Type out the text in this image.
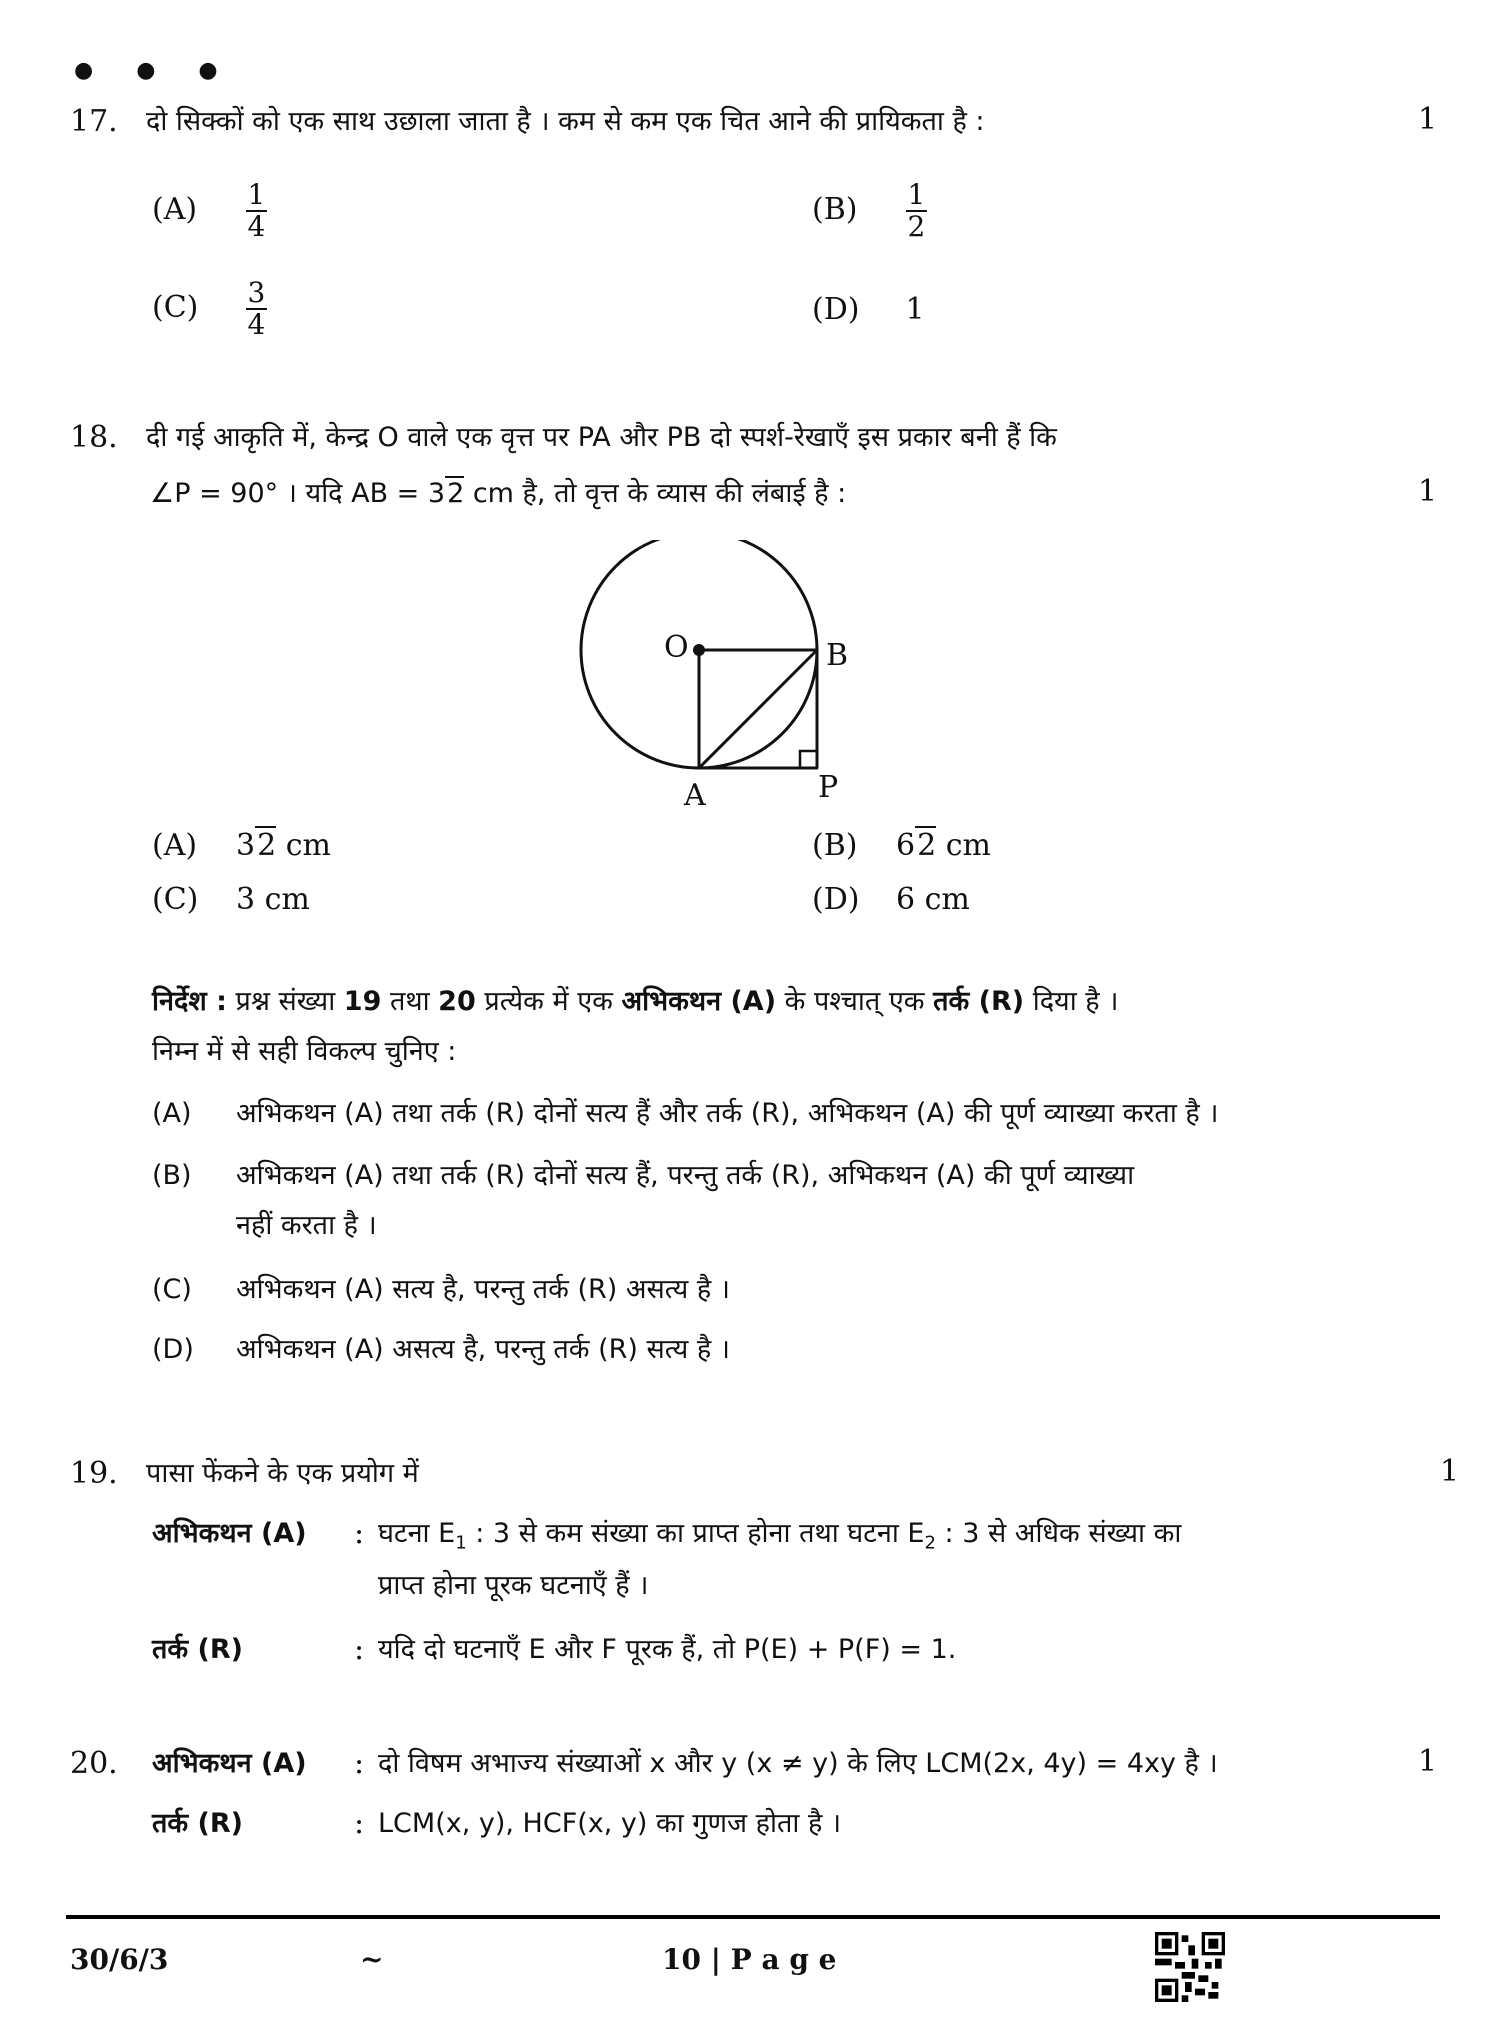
● ● ●
17. दो सिक्कों को एक साथ उछाला जाता है । कम से कम एक चित आने की प्रायिकता है :	1
$(A) \frac{1}{4}$	$(B) \frac{1}{2}$
$(C) \frac{3}{4}$	(D) 1
18. दी गई आकृति में, केन्द्र O वाले एक वृत्त पर PA और PB दो स्पर्श-रेखाएँ इस प्रकार बनी हैं कि
∠P = 90° । यदि AB = 32 cm है, तो वृत्त के व्यास की लंबाई है :	1
O	B
A	P
(A) 32 cm	(B) 62 cm
(C) 3 cm	(D) 6 cm
निर्देश : प्रश्न संख्या 19 तथा 20 प्रत्येक में एक अभिकथन (A) के पश्चात् एक तर्क (R) दिया है ।
निम्न में से सही विकल्प चुनिए :
(A) अभिकथन (A) तथा तर्क (R) दोनों सत्य हैं और तर्क (R), अभिकथन (A) की पूर्ण व्याख्या करता है ।
(B) अभिकथन (A) तथा तर्क (R) दोनों सत्य हैं, परन्तु तर्क (R), अभिकथन (A) की पूर्ण व्याख्या
नहीं करता है ।
(C) अभिकथन (A) सत्य है, परन्तु तर्क (R) असत्य है ।
(D) अभिकथन (A) असत्य है, परन्तु तर्क (R) सत्य है ।
19. पासा फेंकने के एक प्रयोग में	1
अभिकथन (A) : घटना $E_1$ : 3 से कम संख्या का प्राप्त होना तथा घटना $E_2$ : 3 से अधिक संख्या का
प्राप्त होना पूरक घटनाएँ हैं ।
तर्क (R)	: यदि दो घटनाएँ E और F पूरक हैं, तो P(E) + P(F) = 1.
20. अभिकथन (A) : दो विषम अभाज्य संख्याओं x और y (x ≠ y) के लिए LCM(2x, 4y) = 4xy है ।	1
तर्क (R)	: LCM(x, y), HCF(x, y) का गुणज होता है ।
30/6/3	~	10 | P a g e
